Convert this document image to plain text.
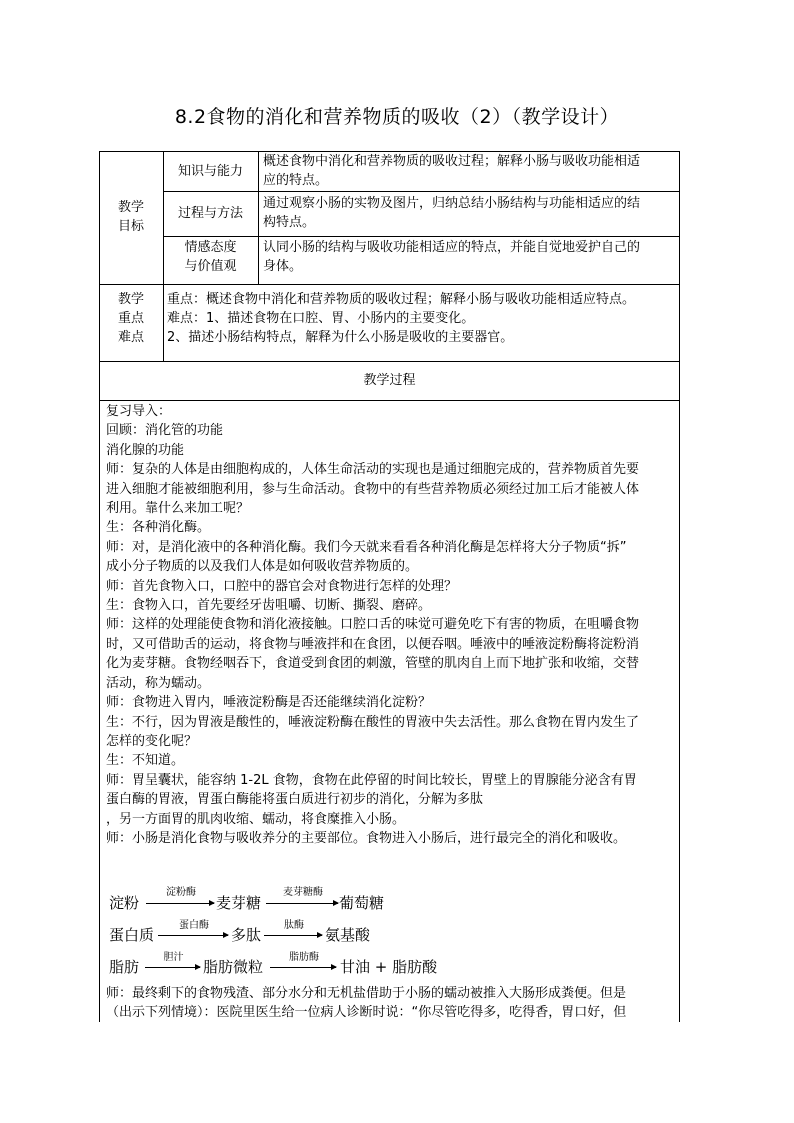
8.2食物的消化和营养物质的吸收（2）（教学设计）
教学
目标
知识与能力
概述食物中消化和营养物质的吸收过程；解释小肠与吸收功能相适
应的特点。
过程与方法
通过观察小肠的实物及图片，归纳总结小肠结构与功能相适应的结
构特点。
情感态度
与价值观
认同小肠的结构与吸收功能相适应的特点，并能自觉地爱护自己的
身体。
教学
重点
难点
重点：概述食物中消化和营养物质的吸收过程；解释小肠与吸收功能相适应特点。
难点：1、描述食物在口腔、胃、小肠内的主要变化。
2、描述小肠结构特点，解释为什么小肠是吸收的主要器官。
教学过程
复习导入：
回顾：消化管的功能
消化腺的功能
师：复杂的人体是由细胞构成的，人体生命活动的实现也是通过细胞完成的，营养物质首先要
进入细胞才能被细胞利用，参与生命活动。食物中的有些营养物质必须经过加工后才能被人体
利用。靠什么来加工呢？
生：各种消化酶。
师：对，是消化液中的各种消化酶。我们今天就来看看各种消化酶是怎样将大分子物质“拆”
成小分子物质的以及我们人体是如何吸收营养物质的。
师：首先食物入口，口腔中的器官会对食物进行怎样的处理？
生：食物入口，首先要经牙齿咀嚼、切断、撕裂、磨碎。
师：这样的处理能使食物和消化液接触。口腔口舌的味觉可避免吃下有害的物质，在咀嚼食物
时，又可借助舌的运动，将食物与唾液拌和在食团，以便吞咽。唾液中的唾液淀粉酶将淀粉消
化为麦芽糖。食物经咽吞下，食道受到食团的刺激，管壁的肌肉自上而下地扩张和收缩，交替
活动，称为蠕动。
师：食物进入胃内，唾液淀粉酶是否还能继续消化淀粉？
生：不行，因为胃液是酸性的，唾液淀粉酶在酸性的胃液中失去活性。那么食物在胃内发生了
怎样的变化呢？
生：不知道。
师：胃呈囊状，能容纳 1-2L 食物，食物在此停留的时间比较长，胃壁上的胃腺能分泌含有胃
蛋白酶的胃液，胃蛋白酶能将蛋白质进行初步的消化，分解为多肽
，另一方面胃的肌肉收缩、蠕动，将食糜推入小肠。
师：小肠是消化食物与吸收养分的主要部位。食物进入小肠后，进行最完全的消化和吸收。
淀粉
淀粉酶
麦芽糖
麦芽糖酶
葡萄糖
蛋白质
蛋白酶
多肽
肽酶
→ 氨基酸
脂肪
胆汁
→ 脂肪微粒
脂肪酶
甘油 + 脂肪酸
师：最终剩下的食物残渣、部分水分和无机盐借助于小肠的蠕动被推入大肠形成粪便。但是
（出示下列情境）：医院里医生给一位病人诊断时说：“你尽管吃得多，吃得香，胃口好，但
